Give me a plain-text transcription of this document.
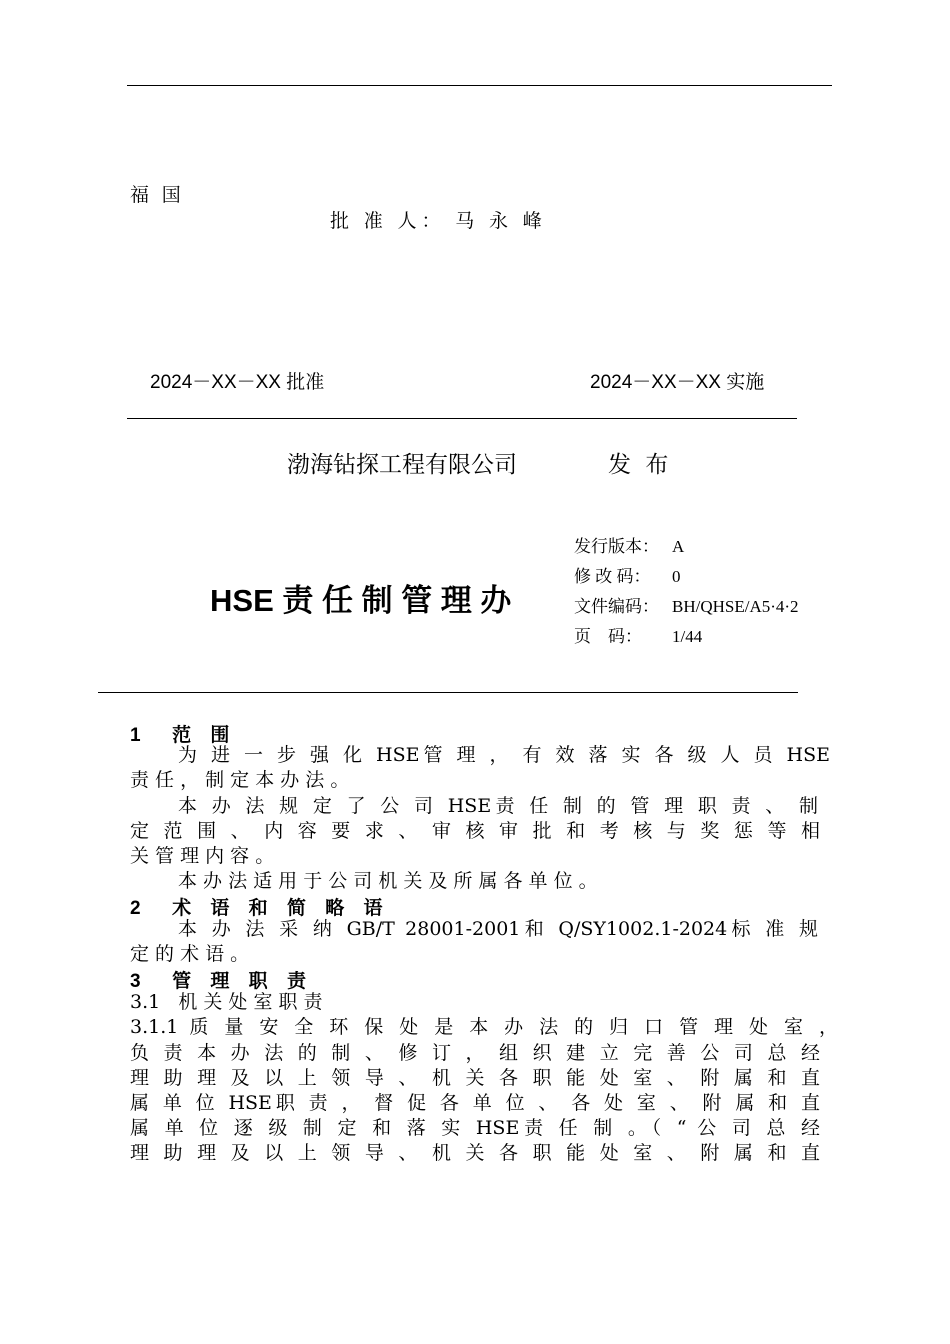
福 国
批 准 人： 马 永 峰
2024－XX－XX 批准	2024－XX－XX 实施
渤海钻探工程有限公司	发 布
HSE 责 任 制 管 理 办
发行版本： A
修 改 码： 0
文件编码： BH/QHSE/A5·4·2
页    码： 1/44
1  范 围
为 进 一 步 强 化 HSE管 理 ， 有 效 落 实 各 级 人 员 HSE
责 任 ， 制 定 本 办 法 。
本 办 法 规 定 了 公 司 HSE责 任 制 的 管 理 职 责 、 制
定 范 围 、 内 容 要 求 、 审 核 审 批 和 考 核 与 奖 惩 等 相
关 管 理 内 容 。
本 办 法 适 用 于 公 司 机 关 及 所 属 各 单 位 。
2  术 语 和 简 略 语
本 办 法 采 纳 GB/T 28001-2001和 Q/SY1002.1-2024标 准 规
定 的 术 语 。
3  管 理 职 责
3.1   机 关 处 室 职 责
3.1.1 质 量 安 全 环 保 处 是 本 办 法 的 归 口 管 理 处 室 ，
负 责 本 办 法 的 制 、 修 订 ， 组 织 建 立 完 善 公 司 总 经
理 助 理 及 以 上 领 导 、 机 关 各 职 能 处 室 、 附 属 和 直
属 单 位 HSE职 责 ， 督 促 各 单 位 、 各 处 室 、 附 属 和 直
属 单 位 逐 级 制 定 和 落 实 HSE责 任 制 。（ “ 公 司 总 经
理 助 理 及 以 上 领 导 、 机 关 各 职 能 处 室 、 附 属 和 直
